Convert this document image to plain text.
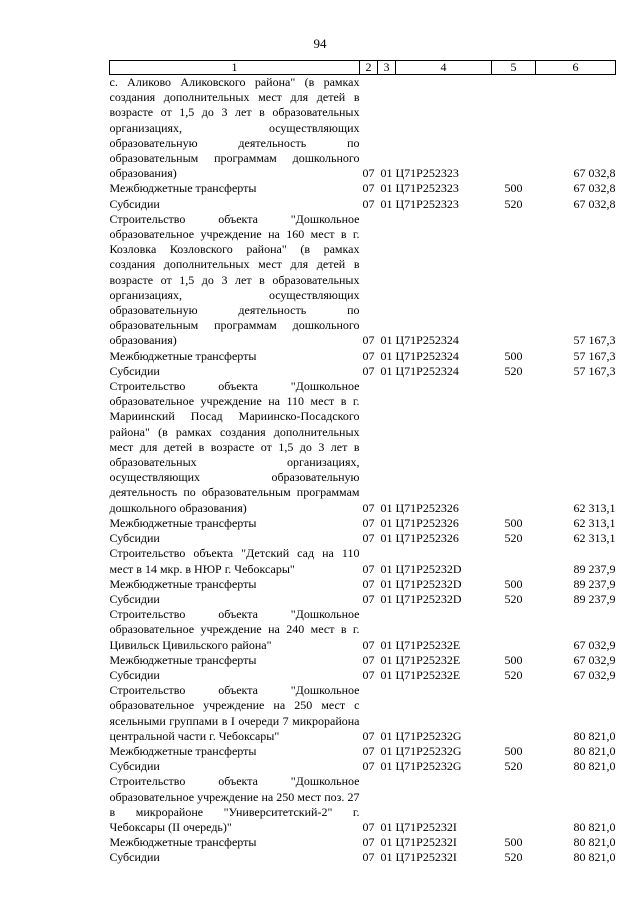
94
1	2	3	4	5	6
с. Аликово Аликовского района" (в рамках создания дополнительных мест для детей в возрасте от 1,5 до 3 лет в образовательных организациях, осуществляющих образовательную деятельность по образовательным программам дошкольного образования)	07	01	Ц71Р252323		67 032,8
Межбюджетные трансферты	07	01	Ц71Р252323	500	67 032,8
Субсидии	07	01	Ц71Р252323	520	67 032,8
Строительство объекта "Дошкольное образовательное учреждение на 160 мест в г. Козловка Козловского района" (в рамках создания дополнительных мест для детей в возрасте от 1,5 до 3 лет в образовательных организациях, осуществляющих образовательную деятельность по образовательным программам дошкольного образования)	07	01	Ц71Р252324		57 167,3
Межбюджетные трансферты	07	01	Ц71Р252324	500	57 167,3
Субсидии	07	01	Ц71Р252324	520	57 167,3
Строительство объекта "Дошкольное образовательное учреждение на 110 мест в г. Мариинский Посад Мариинско-Посадского района" (в рамках создания дополнительных мест для детей в возрасте от 1,5 до 3 лет в образовательных организациях, осуществляющих образовательную деятельность по образовательным программам дошкольного образования)	07	01	Ц71Р252326		62 313,1
Межбюджетные трансферты	07	01	Ц71Р252326	500	62 313,1
Субсидии	07	01	Ц71Р252326	520	62 313,1
Строительство объекта "Детский сад на 110 мест в 14 мкр. в НЮР г. Чебоксары"	07	01	Ц71Р25232D		89 237,9
Межбюджетные трансферты	07	01	Ц71Р25232D	500	89 237,9
Субсидии	07	01	Ц71Р25232D	520	89 237,9
Строительство объекта "Дошкольное образовательное учреждение на 240 мест в г. Цивильск Цивильского района"	07	01	Ц71Р25232E		67 032,9
Межбюджетные трансферты	07	01	Ц71Р25232E	500	67 032,9
Субсидии	07	01	Ц71Р25232E	520	67 032,9
Строительство объекта "Дошкольное образовательное учреждение на 250 мест с ясельными группами в I очереди 7 микрорайона центральной части г. Чебоксары"	07	01	Ц71Р25232G		80 821,0
Межбюджетные трансферты	07	01	Ц71Р25232G	500	80 821,0
Субсидии	07	01	Ц71Р25232G	520	80 821,0
Строительство объекта "Дошкольное образовательное учреждение на 250 мест поз. 27 в микрорайоне "Университетский-2" г. Чебоксары (II очередь)"	07	01	Ц71Р25232I		80 821,0
Межбюджетные трансферты	07	01	Ц71Р25232I	500	80 821,0
Субсидии	07	01	Ц71Р25232I	520	80 821,0
